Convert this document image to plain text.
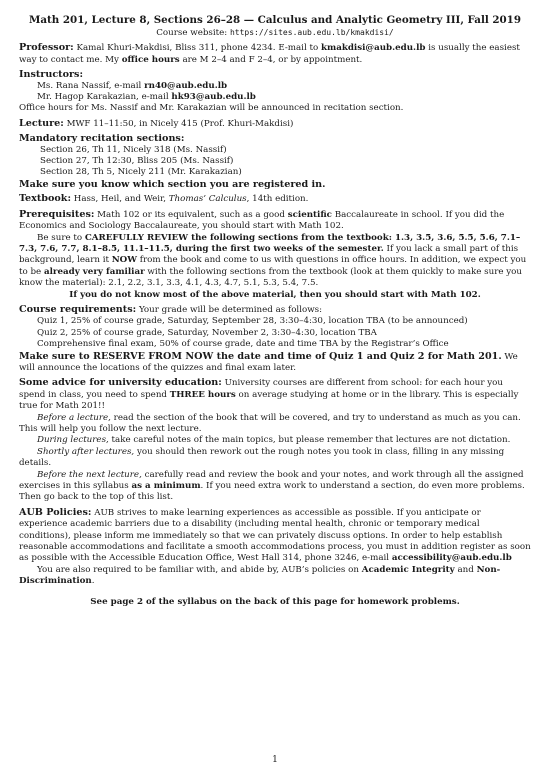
Math 201, Lecture 8, Sections 26–28 — Calculus and Analytic Geometry III, Fall 2019

Course website: https://sites.aub.edu.lb/kmakdisi/

Professor: Kamal Khuri-Makdisi, Bliss 311, phone 4234. E-mail to kmakdisi@aub.edu.lb is usually the easiest way to contact me. My office hours are M 2–4 and F 2–4, or by appointment.

Instructors:

Ms. Rana Nassif, e-mail rn40@aub.edu.lb

Mr. Hagop Karakazian, e-mail hk93@aub.edu.lb

Office hours for Ms. Nassif and Mr. Karakazian will be announced in recitation section.

Lecture: MWF 11–11:50, in Nicely 415 (Prof. Khuri-Makdisi)

Mandatory recitation sections:

Section 26, Th 11, Nicely 318 (Ms. Nassif)

Section 27, Th 12:30, Bliss 205 (Ms. Nassif)

Section 28, Th 5, Nicely 211 (Mr. Karakazian)

Make sure you know which section you are registered in.

Textbook: Hass, Heil, and Weir, Thomas’ Calculus, 14th edition.

Prerequisites: Math 102 or its equivalent, such as a good scientific Baccalaureate in school. If you did the Economics and Sociology Baccalaureate, you should start with Math 102.

Be sure to CAREFULLY REVIEW the following sections from the textbook: 1.3, 3.5, 3.6, 5.5, 5.6, 7.1–7.3, 7.6, 7.7, 8.1–8.5, 11.1–11.5, during the first two weeks of the semester. If you lack a small part of this background, learn it NOW from the book and come to us with questions in office hours. In addition, we expect you to be already very familiar with the following sections from the textbook (look at them quickly to make sure you know the material): 2.1, 2.2, 3.1, 3.3, 4.1, 4.3, 4.7, 5.1, 5.3, 5.4, 7.5.

If you do not know most of the above material, then you should start with Math 102.

Course requirements: Your grade will be determined as follows:

Quiz 1, 25% of course grade, Saturday, September 28, 3:30–4:30, location TBA (to be announced)

Quiz 2, 25% of course grade, Saturday, November 2, 3:30–4:30, location TBA

Comprehensive final exam, 50% of course grade, date and time TBA by the Registrar’s Office

Make sure to RESERVE FROM NOW the date and time of Quiz 1 and Quiz 2 for Math 201. We will announce the locations of the quizzes and final exam later.

Some advice for university education: University courses are different from school: for each hour you spend in class, you need to spend THREE hours on average studying at home or in the library. This is especially true for Math 201!!

Before a lecture, read the section of the book that will be covered, and try to understand as much as you can. This will help you follow the next lecture.

During lectures, take careful notes of the main topics, but please remember that lectures are not dictation.

Shortly after lectures, you should then rework out the rough notes you took in class, filling in any missing details.

Before the next lecture, carefully read and review the book and your notes, and work through all the assigned exercises in this syllabus as a minimum. If you need extra work to understand a section, do even more problems. Then go back to the top of this list.

AUB Policies: AUB strives to make learning experiences as accessible as possible. If you anticipate or experience academic barriers due to a disability (including mental health, chronic or temporary medical conditions), please inform me immediately so that we can privately discuss options. In order to help establish reasonable accommodations and facilitate a smooth accommodations process, you must in addition register as soon as possible with the Accessible Education Office, West Hall 314, phone 3246, e-mail accessibility@aub.edu.lb

You are also required to be familiar with, and abide by, AUB’s policies on Academic Integrity and Non-Discrimination.

See page 2 of the syllabus on the back of this page for homework problems.

1
